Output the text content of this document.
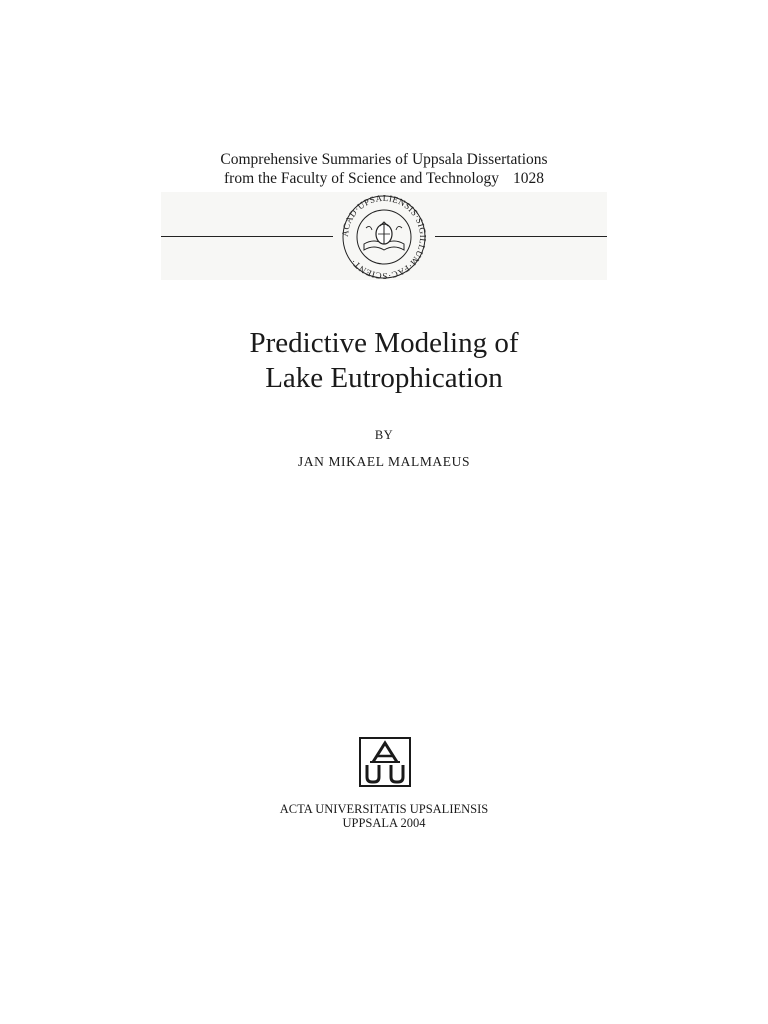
Comprehensive Summaries of Uppsala Dissertations
from the Faculty of Science and Technology 1028
ACAD·UPSALIENSIS·SIGILLUM·FAC·SCIENT·
Predictive Modeling of
Lake Eutrophication
BY
JAN MIKAEL MALMAEUS
ACTA UNIVERSITATIS UPSALIENSIS
UPPSALA 2004
